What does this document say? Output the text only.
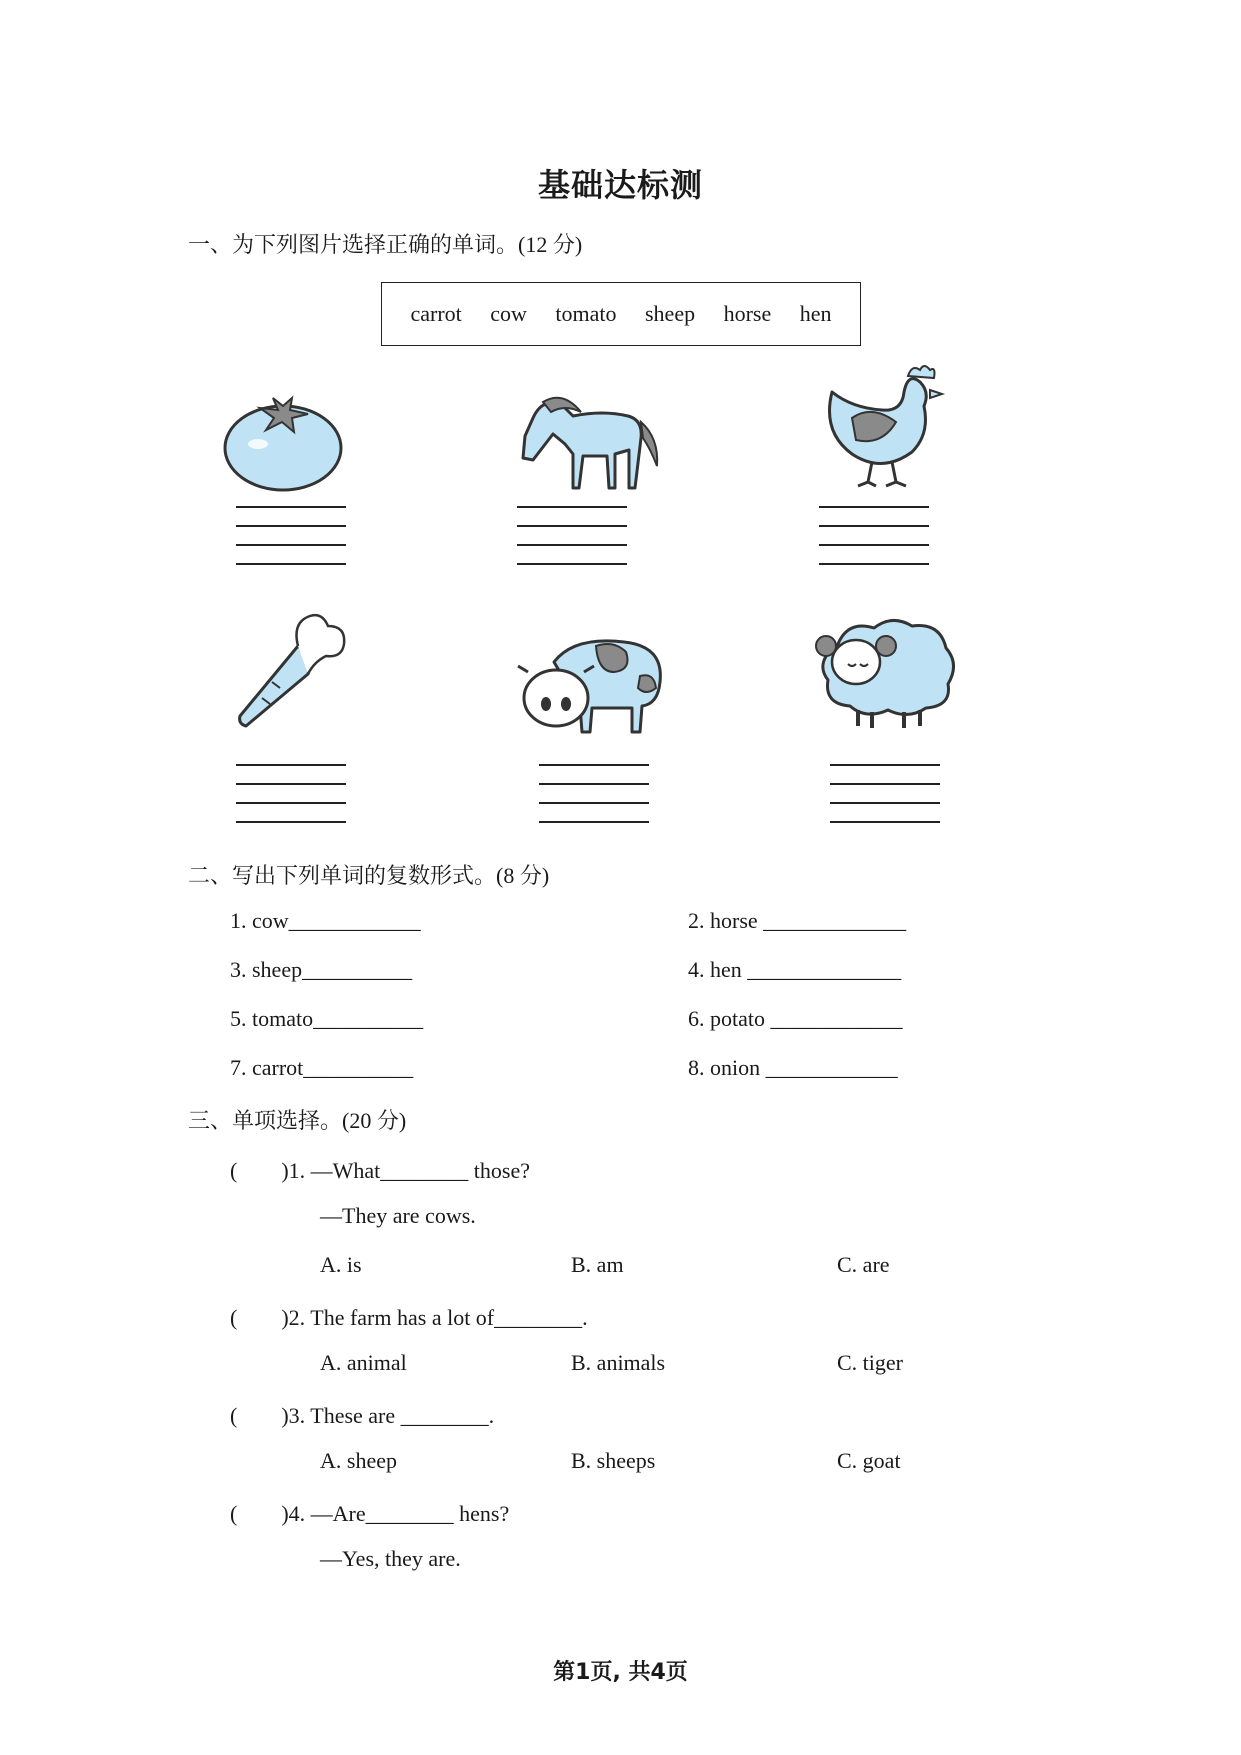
基础达标测
一、为下列图片选择正确的单词。(12 分)
carrot cow tomato sheep horse hen
二、写出下列单词的复数形式。(8 分)
1. cow____________	2. horse _____________
3. sheep__________	4. hen ______________
5. tomato__________	6. potato ____________
7. carrot__________	8. onion ____________
三、单项选择。(20 分)
(　　)1. —What________ those?
—They are cows.
A. is	B. am	C. are
(　　)2. The farm has a lot of________.
A. animal	B. animals	C. tiger
(　　)3. These are ________.
A. sheep	B. sheeps	C. goat
(　　)4. —Are________ hens?
—Yes, they are.
第1页, 共4页
